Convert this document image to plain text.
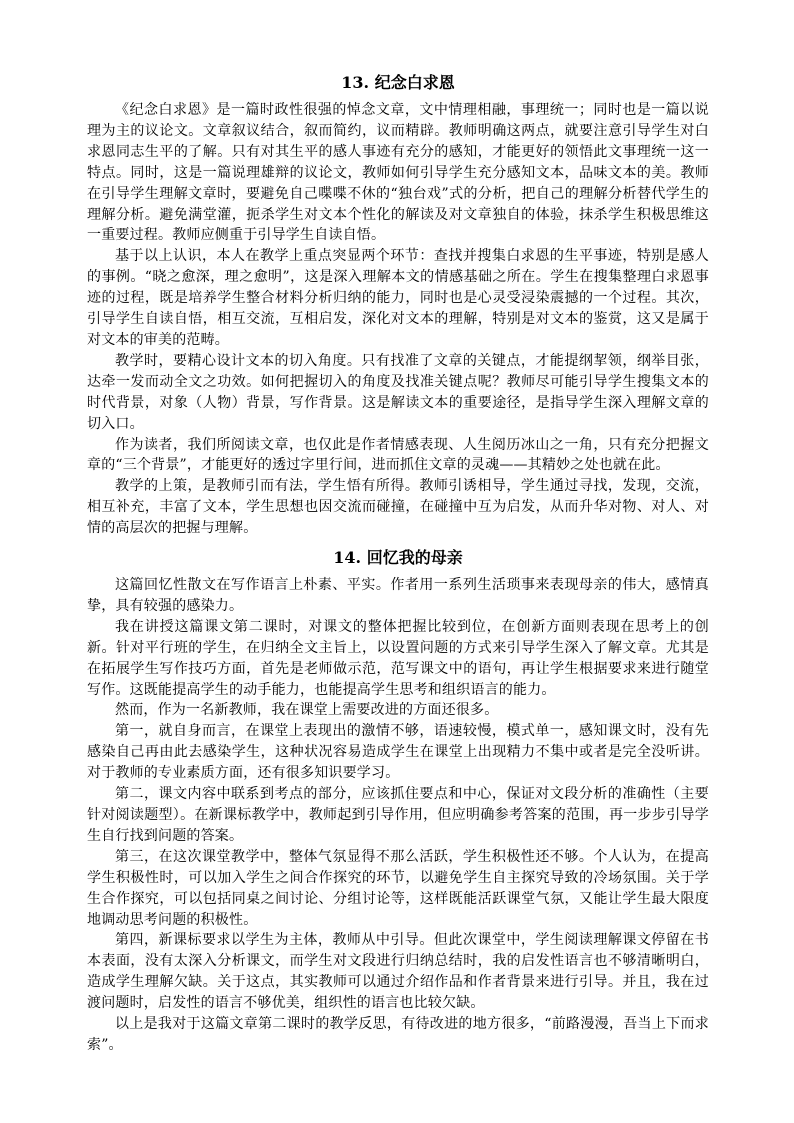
13. 纪念白求恩

《纪念白求恩》是一篇时政性很强的悼念文章，文中情理相融，事理统一；同时也是一篇以说理为主的议论文。文章叙议结合，叙而简约，议而精辟。教师明确这两点，就要注意引导学生对白求恩同志生平的了解。只有对其生平的感人事迹有充分的感知，才能更好的领悟此文事理统一这一特点。同时，这是一篇说理雄辩的议论文，教师如何引导学生充分感知文本，品味文本的美。教师在引导学生理解文章时，要避免自己喋喋不休的“独台戏”式的分析，把自己的理解分析替代学生的理解分析。避免满堂灌，扼杀学生对文本个性化的解读及对文章独自的体验，抹杀学生积极思维这一重要过程。教师应侧重于引导学生自读自悟。

基于以上认识，本人在教学上重点突显两个环节：查找并搜集白求恩的生平事迹，特别是感人的事例。“晓之愈深，理之愈明”，这是深入理解本文的情感基础之所在。学生在搜集整理白求恩事迹的过程，既是培养学生整合材料分析归纳的能力，同时也是心灵受浸染震撼的一个过程。其次，引导学生自读自悟，相互交流，互相启发，深化对文本的理解，特别是对文本的鉴赏，这又是属于对文本的审美的范畴。

教学时，要精心设计文本的切入角度。只有找准了文章的关键点，才能提纲挈领，纲举目张，达牵一发而动全文之功效。如何把握切入的角度及找准关键点呢？教师尽可能引导学生搜集文本的时代背景，对象（人物）背景，写作背景。这是解读文本的重要途径，是指导学生深入理解文章的切入口。

作为读者，我们所阅读文章，也仅此是作者情感表现、人生阅历冰山之一角，只有充分把握文章的“三个背景”，才能更好的透过字里行间，进而抓住文章的灵魂——其精妙之处也就在此。

教学的上策，是教师引而有法，学生悟有所得。教师引诱相导，学生通过寻找，发现，交流，相互补充，丰富了文本，学生思想也因交流而碰撞，在碰撞中互为启发，从而升华对物、对人、对情的高层次的把握与理解。

14. 回忆我的母亲

这篇回忆性散文在写作语言上朴素、平实。作者用一系列生活琐事来表现母亲的伟大，感情真挚，具有较强的感染力。

我在讲授这篇课文第二课时，对课文的整体把握比较到位，在创新方面则表现在思考上的创新。针对平行班的学生，在归纳全文主旨上，以设置问题的方式来引导学生深入了解文章。尤其是在拓展学生写作技巧方面，首先是老师做示范，范写课文中的语句，再让学生根据要求来进行随堂写作。这既能提高学生的动手能力，也能提高学生思考和组织语言的能力。

然而，作为一名新教师，我在课堂上需要改进的方面还很多。

第一，就自身而言，在课堂上表现出的激情不够，语速较慢，模式单一，感知课文时，没有先感染自己再由此去感染学生，这种状况容易造成学生在课堂上出现精力不集中或者是完全没听讲。对于教师的专业素质方面，还有很多知识要学习。

第二，课文内容中联系到考点的部分，应该抓住要点和中心，保证对文段分析的准确性（主要针对阅读题型）。在新课标教学中，教师起到引导作用，但应明确参考答案的范围，再一步步引导学生自行找到问题的答案。

第三，在这次课堂教学中，整体气氛显得不那么活跃，学生积极性还不够。个人认为，在提高学生积极性时，可以加入学生之间合作探究的环节，以避免学生自主探究导致的冷场氛围。关于学生合作探究，可以包括同桌之间讨论、分组讨论等，这样既能活跃课堂气氛，又能让学生最大限度地调动思考问题的积极性。

第四，新课标要求以学生为主体，教师从中引导。但此次课堂中，学生阅读理解课文停留在书本表面，没有太深入分析课文，而学生对文段进行归纳总结时，我的启发性语言也不够清晰明白，造成学生理解欠缺。关于这点，其实教师可以通过介绍作品和作者背景来进行引导。并且，我在过渡问题时，启发性的语言不够优美，组织性的语言也比较欠缺。

以上是我对于这篇文章第二课时的教学反思，有待改进的地方很多，“前路漫漫，吾当上下而求索”。
